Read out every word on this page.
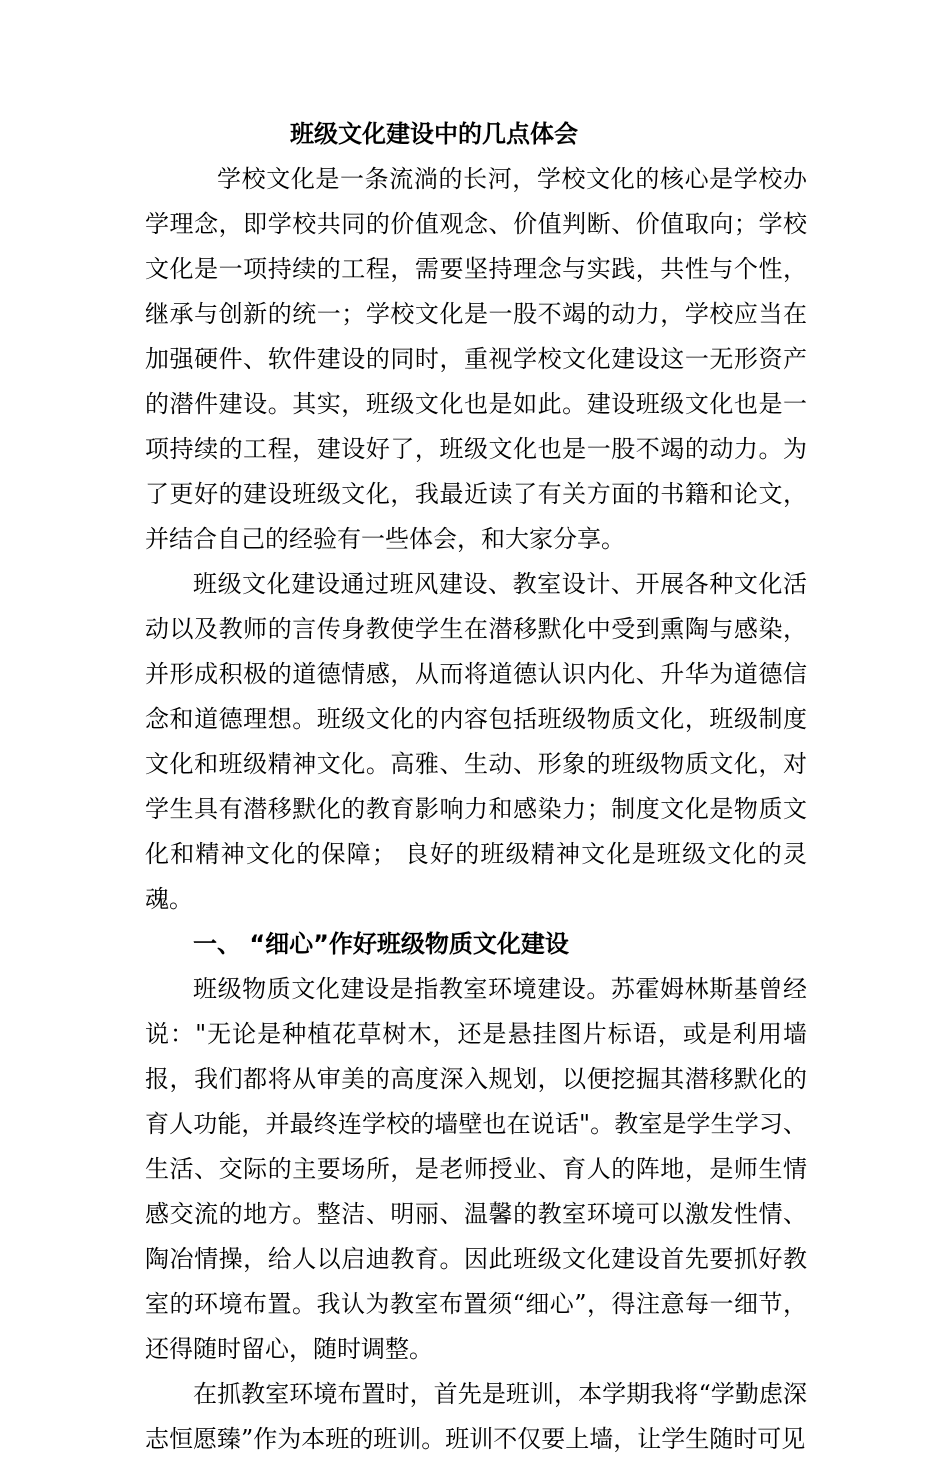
班级文化建设中的几点体会

学校文化是一条流淌的长河，学校文化的核心是学校办学理念，即学校共同的价值观念、价值判断、价值取向；学校文化是一项持续的工程，需要坚持理念与实践，共性与个性，继承与创新的统一；学校文化是一股不竭的动力，学校应当在加强硬件、软件建设的同时，重视学校文化建设这一无形资产的潜件建设。其实，班级文化也是如此。建设班级文化也是一项持续的工程，建设好了，班级文化也是一股不竭的动力。为了更好的建设班级文化，我最近读了有关方面的书籍和论文，并结合自己的经验有一些体会，和大家分享。

班级文化建设通过班风建设、教室设计、开展各种文化活动以及教师的言传身教使学生在潜移默化中受到熏陶与感染，并形成积极的道德情感，从而将道德认识内化、升华为道德信念和道德理想。班级文化的内容包括班级物质文化，班级制度文化和班级精神文化。高雅、生动、形象的班级物质文化，对学生具有潜移默化的教育影响力和感染力；制度文化是物质文化和精神文化的保障； 良好的班级精神文化是班级文化的灵魂。

一、 “细心”作好班级物质文化建设

班级物质文化建设是指教室环境建设。苏霍姆林斯基曾经说："无论是种植花草树木，还是悬挂图片标语，或是利用墙报，我们都将从审美的高度深入规划，以便挖掘其潜移默化的育人功能，并最终连学校的墙壁也在说话"。教室是学生学习、生活、交际的主要场所，是老师授业、育人的阵地，是师生情感交流的地方。整洁、明丽、温馨的教室环境可以激发性情、陶冶情操，给人以启迪教育。因此班级文化建设首先要抓好教室的环境布置。我认为教室布置须“细心”，得注意每一细节，还得随时留心，随时调整。

在抓教室环境布置时，首先是班训，本学期我将“学勤虑深志恒愿臻”作为本班的班训。班训不仅要上墙，让学生随时可见
